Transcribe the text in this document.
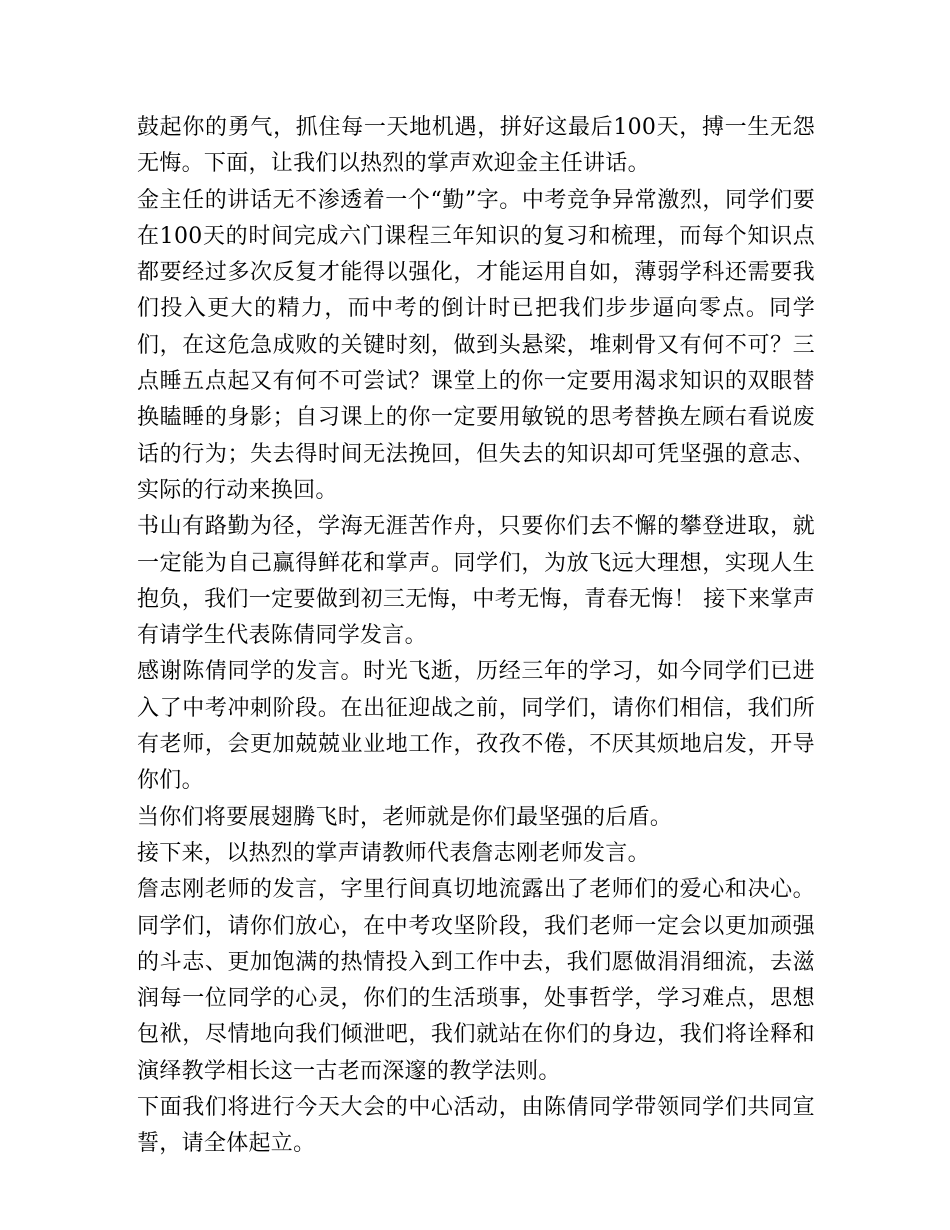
鼓起你的勇气，抓住每一天地机遇，拼好这最后100天，搏一生无怨无悔。下面，让我们以热烈的掌声欢迎金主任讲话。

金主任的讲话无不渗透着一个“勤”字。中考竞争异常激烈，同学们要在100天的时间完成六门课程三年知识的复习和梳理，而每个知识点都要经过多次反复才能得以强化，才能运用自如，薄弱学科还需要我们投入更大的精力，而中考的倒计时已把我们步步逼向零点。同学们，在这危急成败的关键时刻，做到头悬梁，堆刺骨又有何不可？三点睡五点起又有何不可尝试？课堂上的你一定要用渴求知识的双眼替换瞌睡的身影；自习课上的你一定要用敏锐的思考替换左顾右看说废话的行为；失去得时间无法挽回，但失去的知识却可凭坚强的意志、实际的行动来换回。

书山有路勤为径，学海无涯苦作舟，只要你们去不懈的攀登进取，就一定能为自己赢得鲜花和掌声。同学们，为放飞远大理想，实现人生抱负，我们一定要做到初三无悔，中考无悔，青春无悔！ 接下来掌声有请学生代表陈倩同学发言。

感谢陈倩同学的发言。时光飞逝，历经三年的学习，如今同学们已进入了中考冲刺阶段。在出征迎战之前，同学们，请你们相信，我们所有老师，会更加兢兢业业地工作，孜孜不倦，不厌其烦地启发，开导你们。

当你们将要展翅腾飞时，老师就是你们最坚强的后盾。

接下来，以热烈的掌声请教师代表詹志刚老师发言。

詹志刚老师的发言，字里行间真切地流露出了老师们的爱心和决心。同学们，请你们放心，在中考攻坚阶段，我们老师一定会以更加顽强的斗志、更加饱满的热情投入到工作中去，我们愿做涓涓细流，去滋润每一位同学的心灵，你们的生活琐事，处事哲学，学习难点，思想包袱，尽情地向我们倾泄吧，我们就站在你们的身边，我们将诠释和演绎教学相长这一古老而深邃的教学法则。

下面我们将进行今天大会的中心活动，由陈倩同学带领同学们共同宣誓，请全体起立。
